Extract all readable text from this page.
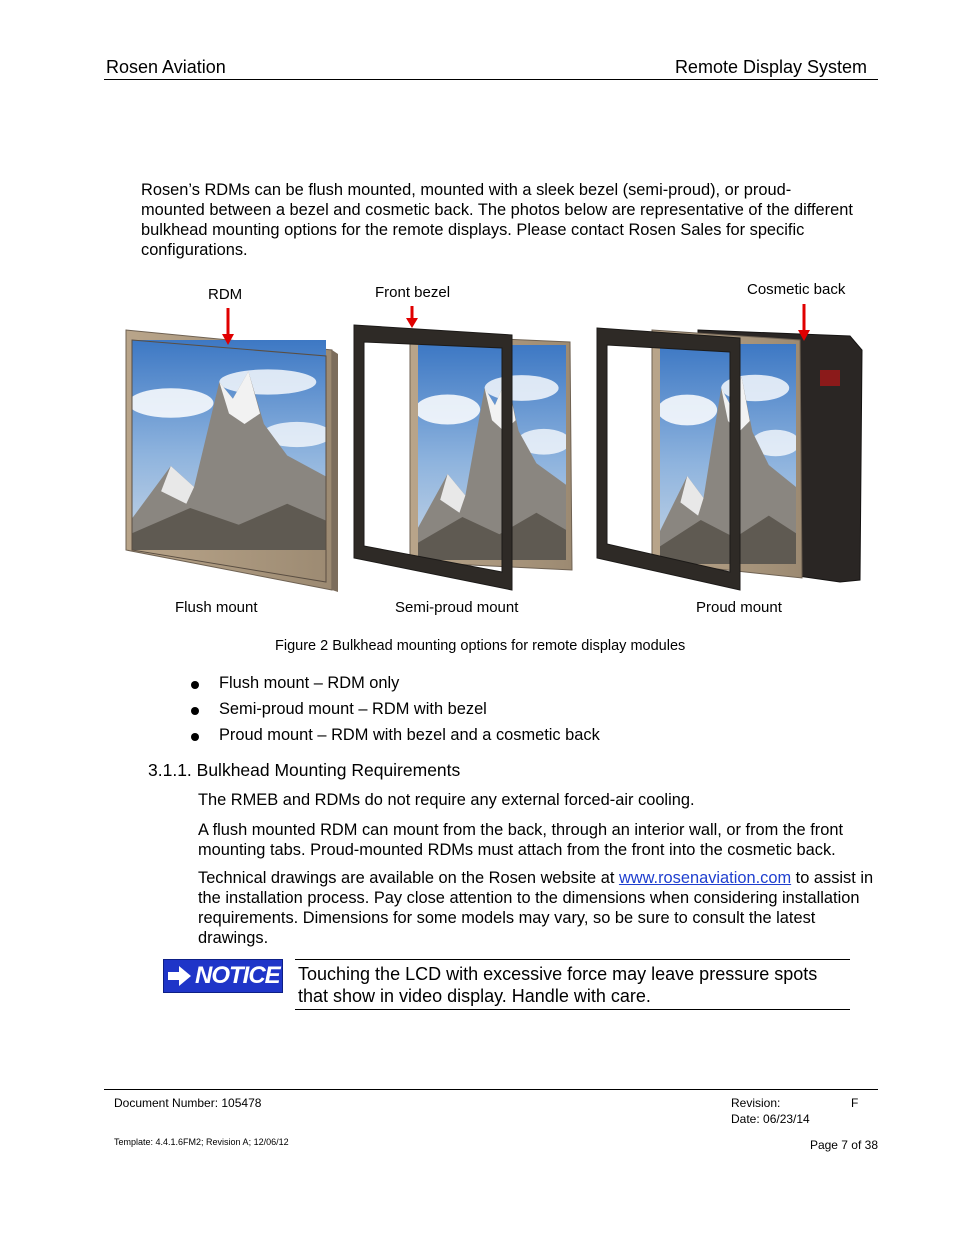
Rosen Aviation	Remote Display System
Rosen’s RDMs can be flush mounted, mounted with a sleek bezel (semi-proud), or proud-mounted between a bezel and cosmetic back. The photos below are representative of the different bulkhead mounting options for the remote displays. Please contact Rosen Sales for specific configurations.
RDM	Front bezel	Cosmetic back
Flush mount	Semi-proud mount	Proud mount
Figure 2 Bulkhead mounting options for remote display modules
Flush mount – RDM only
Semi-proud mount – RDM with bezel
Proud mount – RDM with bezel and a cosmetic back
3.1.1. Bulkhead Mounting Requirements
The RMEB and RDMs do not require any external forced-air cooling.
A flush mounted RDM can mount from the back, through an interior wall, or from the front mounting tabs. Proud-mounted RDMs must attach from the front into the cosmetic back.
Technical drawings are available on the Rosen website at www.rosenaviation.com to assist in the installation process. Pay close attention to the dimensions when considering installation requirements. Dimensions for some models may vary, so be sure to consult the latest drawings.
NOTICE Touching the LCD with excessive force may leave pressure spots that show in video display. Handle with care.
Document Number: 105478	Revision:	F
Date: 06/23/14
Template: 4.4.1.6FM2; Revision A; 12/06/12	Page 7 of 38
